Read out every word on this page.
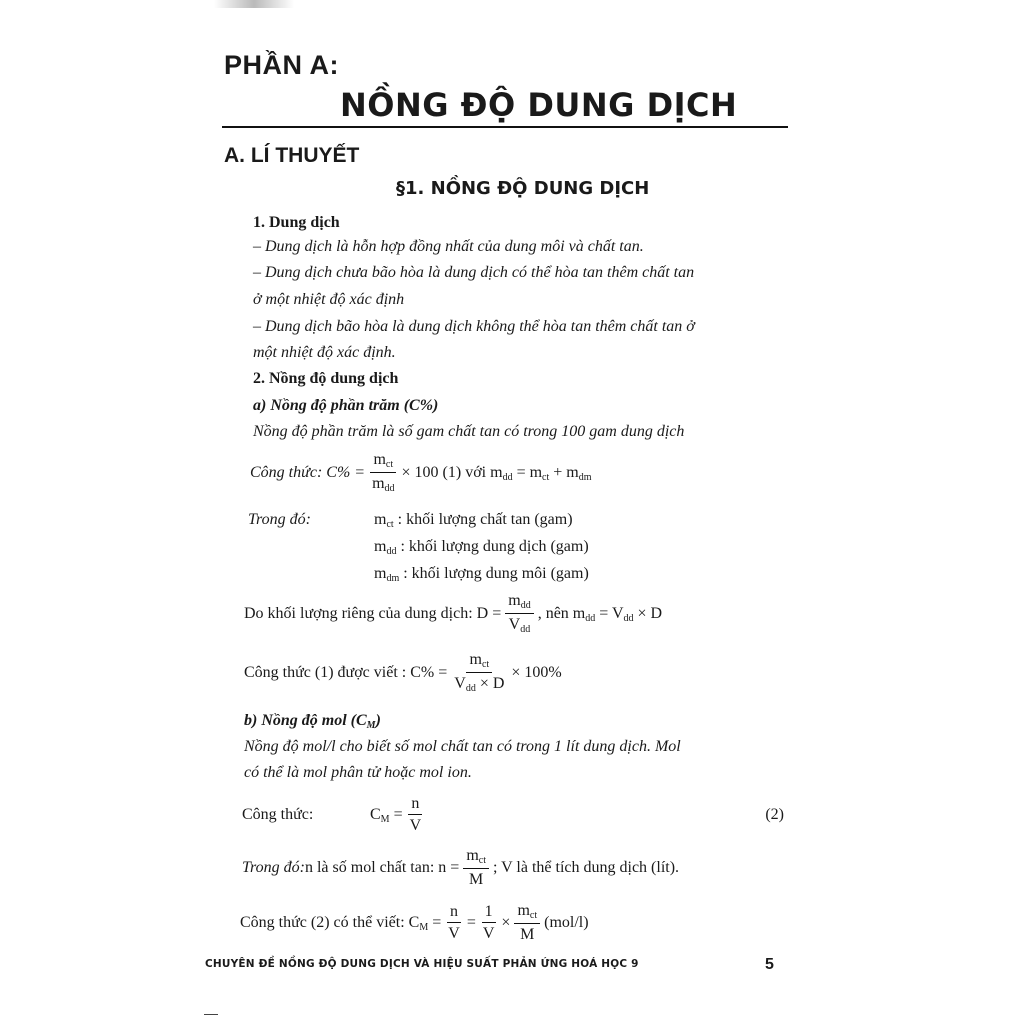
PHẦN A:
NỒNG ĐỘ DUNG DỊCH
A. LÍ THUYẾT
§1. NỒNG ĐỘ DUNG DỊCH
1. Dung dịch
– Dung dịch là hỗn hợp đồng nhất của dung môi và chất tan.
– Dung dịch chưa bão hòa là dung dịch có thể hòa tan thêm chất tan
ở một nhiệt độ xác định
– Dung dịch bão hòa là dung dịch không thể hòa tan thêm chất tan ở
một nhiệt độ xác định.
2. Nồng độ dung dịch
a) Nồng độ phần trăm (C%)
Nồng độ phần trăm là số gam chất tan có trong 100 gam dung dịch
Công thức: $C\% = \frac{m_{ct}}{m_{dd}} \times 100$ (1) với $m_{dd} = m_{ct} + m_{dm}$
Trong đó:	$m_{ct}$ : khối lượng chất tan (gam)
$m_{dd}$ : khối lượng dung dịch (gam)
$m_{dm}$ : khối lượng dung môi (gam)
Do khối lượng riêng của dung dịch: $D = \frac{m_{dd}}{V_{dd}}$ , nên $m_{dd} = V_{dd} \times D$
Công thức (1) được viết : $C\% = \frac{m_{ct}}{V_{dd} \times D} \times 100\%$
b) Nồng độ mol $(C_M)$
Nồng độ mol/l cho biết số mol chất tan có trong 1 lít dung dịch. Mol
có thể là mol phân tử hoặc mol ion.
Công thức:	$C_M = \frac{n}{V}$	(2)
Trong đó: n là số mol chất tan: $n = \frac{m_{ct}}{M}$ ; V là thể tích dung dịch (lít).
Công thức (2) có thể viết: $C_M = \frac{n}{V} = \frac{1}{V} \times \frac{m_{ct}}{M} (mol/l)$
CHUYÊN ĐỀ NỒNG ĐỘ DUNG DỊCH VÀ HIỆU SUẤT PHẢN ỨNG HOÁ HỌC 9	5
